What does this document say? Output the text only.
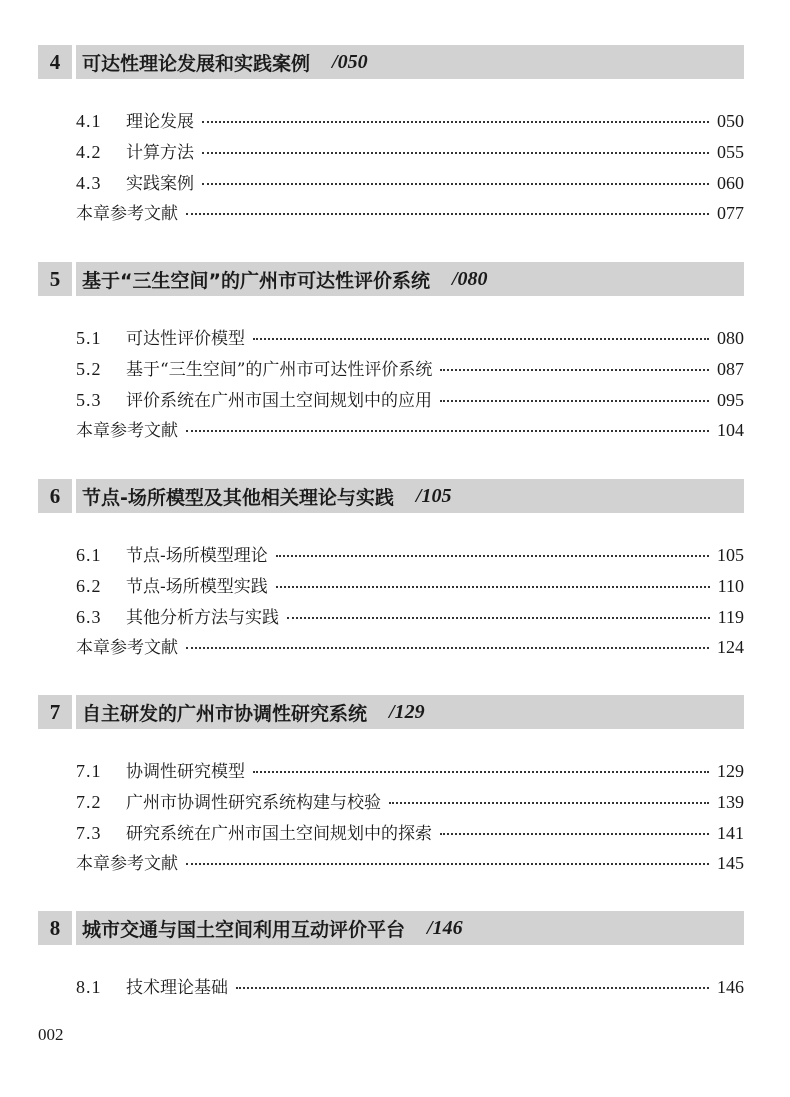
4	可达性理论发展和实践案例 /050
4.1	理论发展	050
4.2	计算方法	055
4.3	实践案例	060
本章参考文献	077
5	基于“三生空间”的广州市可达性评价系统 /080
5.1	可达性评价模型	080
5.2	基于“三生空间”的广州市可达性评价系统	087
5.3	评价系统在广州市国土空间规划中的应用	095
本章参考文献	104
6	节点-场所模型及其他相关理论与实践 /105
6.1	节点-场所模型理论	105
6.2	节点-场所模型实践	110
6.3	其他分析方法与实践	119
本章参考文献	124
7	自主研发的广州市协调性研究系统 /129
7.1	协调性研究模型	129
7.2	广州市协调性研究系统构建与校验	139
7.3	研究系统在广州市国土空间规划中的探索	141
本章参考文献	145
8	城市交通与国土空间利用互动评价平台 /146
8.1	技术理论基础	146
002
